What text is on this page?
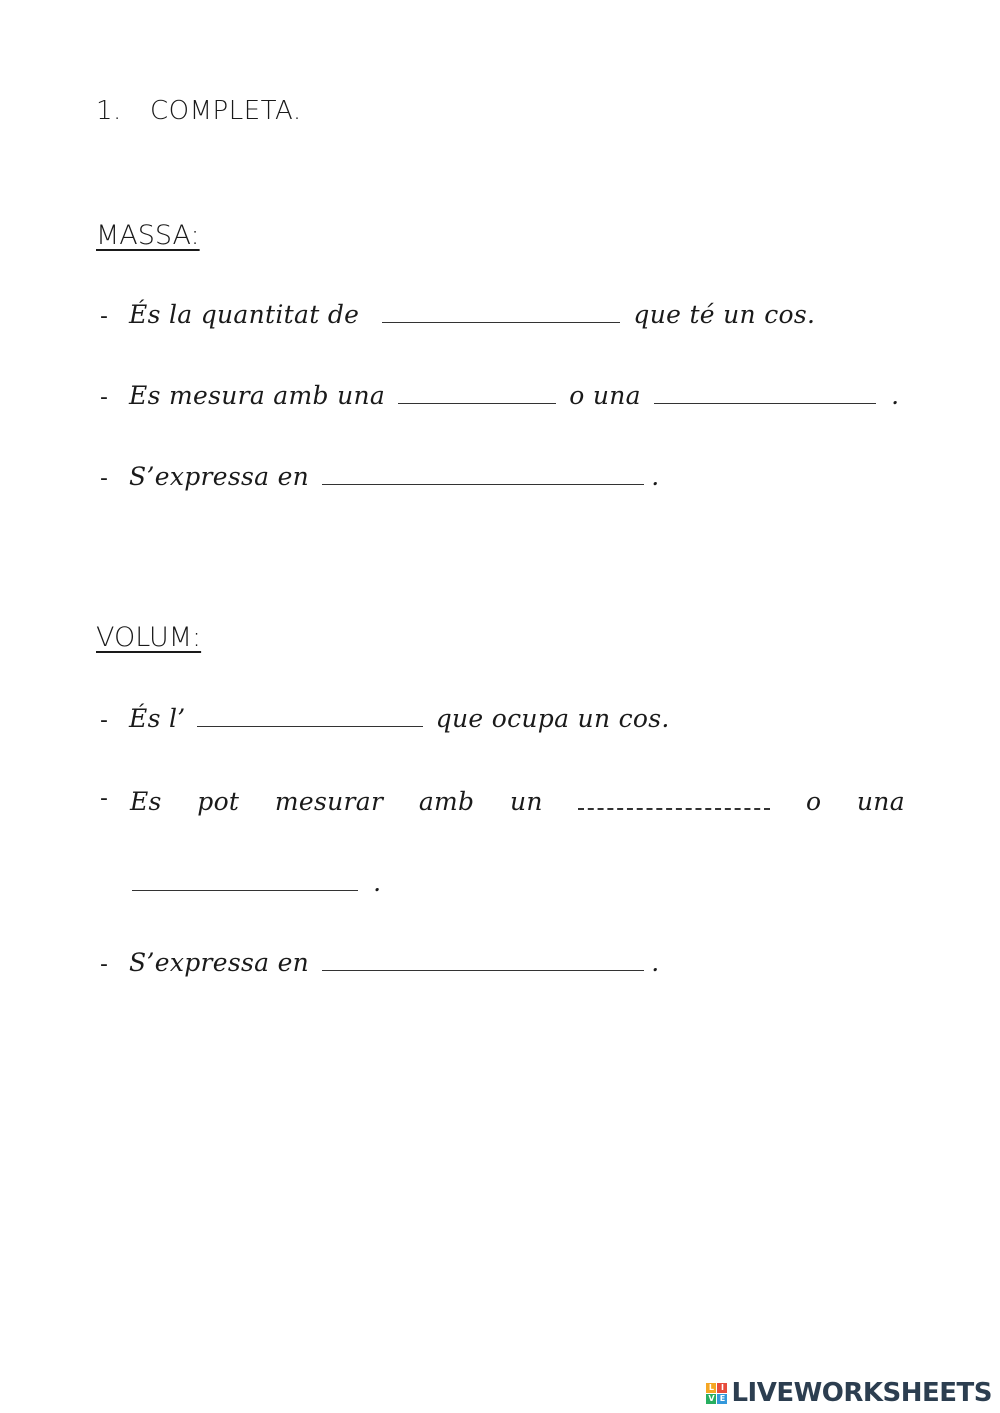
1. COMPLETA.
MASSA:
- És la quantitat de	que té un cos.
- Es mesura amb una	o una	.
- S’expressa en	.
VOLUM:
- És l’	que ocupa un cos.
- Es pot mesurar amb un	o una
.
- S’expressa en	.
L I
V E LIVEWORKSHEETS
